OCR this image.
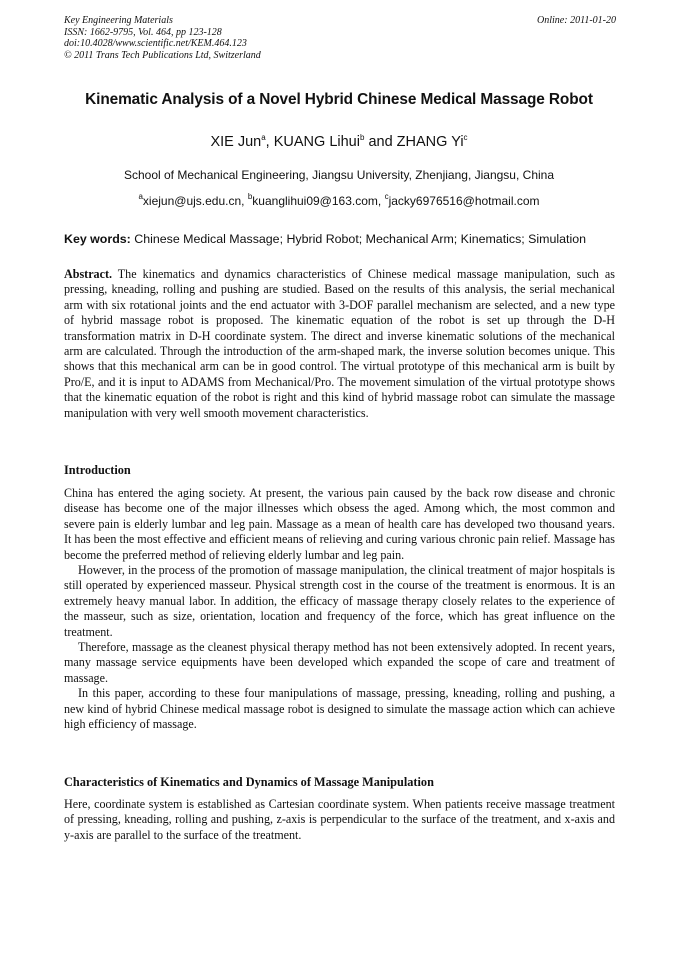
Key Engineering Materials
ISSN: 1662-9795, Vol. 464, pp 123-128
doi:10.4028/www.scientific.net/KEM.464.123
© 2011 Trans Tech Publications Ltd, Switzerland
Online: 2011-01-20
Kinematic Analysis of a Novel Hybrid Chinese Medical Massage Robot
XIE Jun$^a$, KUANG Lihui$^b$ and ZHANG Yi$^c$
School of Mechanical Engineering, Jiangsu University, Zhenjiang, Jiangsu, China
$^a$xiejun@ujs.edu.cn, $^b$kuanglihui09@163.com, $^c$jacky6976516@hotmail.com
Key words: Chinese Medical Massage; Hybrid Robot; Mechanical Arm; Kinematics; Simulation

Abstract. The kinematics and dynamics characteristics of Chinese medical massage manipulation, such as pressing, kneading, rolling and pushing are studied. Based on the results of this analysis, the serial mechanical arm with six rotational joints and the end actuator with 3-DOF parallel mechanism are selected, and a new type of hybrid massage robot is proposed. The kinematic equation of the robot is set up through the D-H transformation matrix in D-H coordinate system. The direct and inverse kinematic solutions of the mechanical arm are calculated. Through the introduction of the arm-shaped mark, the inverse solution becomes unique. This shows that this mechanical arm can be in good control. The virtual prototype of this mechanical arm is built by Pro/E, and it is input to ADAMS from Mechanical/Pro. The movement simulation of the virtual prototype shows that the kinematic equation of the robot is right and this kind of hybrid massage robot can simulate the massage manipulation with very well smooth movement characteristics.

Introduction

China has entered the aging society. At present, the various pain caused by the back row disease and chronic disease has become one of the major illnesses which obsess the aged. Among which, the most common and severe pain is elderly lumbar and leg pain. Massage as a mean of health care has developed two thousand years. It has been the most effective and efficient means of relieving and curing various chronic pain relief. Massage has become the preferred method of relieving elderly lumbar and leg pain.

However, in the process of the promotion of massage manipulation, the clinical treatment of major hospitals is still operated by experienced masseur. Physical strength cost in the course of the treatment is enormous. It is an extremely heavy manual labor. In addition, the efficacy of massage therapy closely relates to the experience of the masseur, such as size, orientation, location and frequency of the force, which has great influence on the treatment.

Therefore, massage as the cleanest physical therapy method has not been extensively adopted. In recent years, many massage service equipments have been developed which expanded the scope of care and treatment of massage.

In this paper, according to these four manipulations of massage, pressing, kneading, rolling and pushing, a new kind of hybrid Chinese medical massage robot is designed to simulate the massage action which can achieve high efficiency of massage.

Characteristics of Kinematics and Dynamics of Massage Manipulation

Here, coordinate system is established as Cartesian coordinate system. When patients receive massage treatment of pressing, kneading, rolling and pushing, z-axis is perpendicular to the surface of the treatment, and x-axis and y-axis are parallel to the surface of the treatment.
